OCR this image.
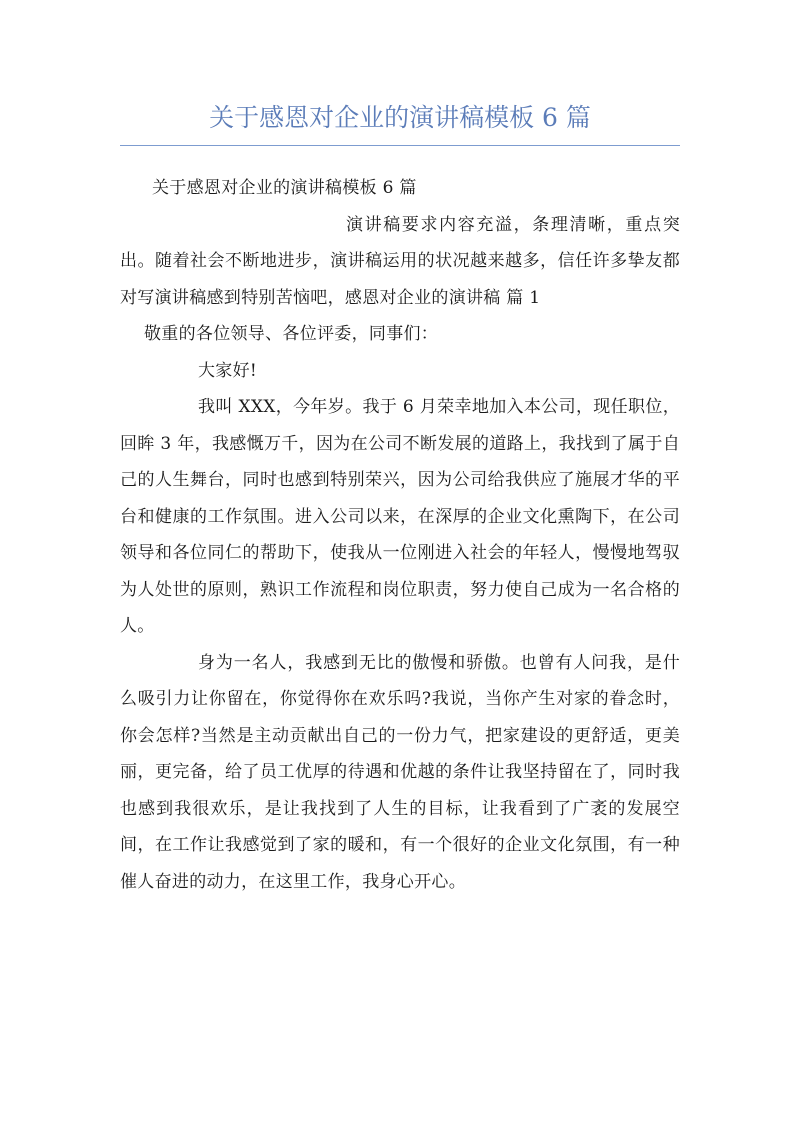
关于感恩对企业的演讲稿模板 6 篇

关于感恩对企业的演讲稿模板 6 篇

演讲稿要求内容充溢，条理清晰，重点突出。随着社会不断地进步，演讲稿运用的状况越来越多，信任许多挚友都对写演讲稿感到特别苦恼吧，感恩对企业的演讲稿 篇 1

敬重的各位领导、各位评委，同事们：

大家好!

我叫 XXX，今年岁。我于 6 月荣幸地加入本公司，现任职位，回眸 3 年，我感慨万千，因为在公司不断发展的道路上，我找到了属于自己的人生舞台，同时也感到特别荣兴，因为公司给我供应了施展才华的平台和健康的工作氛围。进入公司以来，在深厚的企业文化熏陶下，在公司领导和各位同仁的帮助下，使我从一位刚进入社会的年轻人，慢慢地驾驭为人处世的原则，熟识工作流程和岗位职责，努力使自己成为一名合格的人。

身为一名人，我感到无比的傲慢和骄傲。也曾有人问我，是什么吸引力让你留在，你觉得你在欢乐吗?我说，当你产生对家的眷念时，你会怎样?当然是主动贡献出自己的一份力气，把家建设的更舒适，更美丽，更完备，给了员工优厚的待遇和优越的条件让我坚持留在了，同时我也感到我很欢乐，是让我找到了人生的目标，让我看到了广袤的发展空间，在工作让我感觉到了家的暖和，有一个很好的企业文化氛围，有一种催人奋进的动力，在这里工作，我身心开心。
